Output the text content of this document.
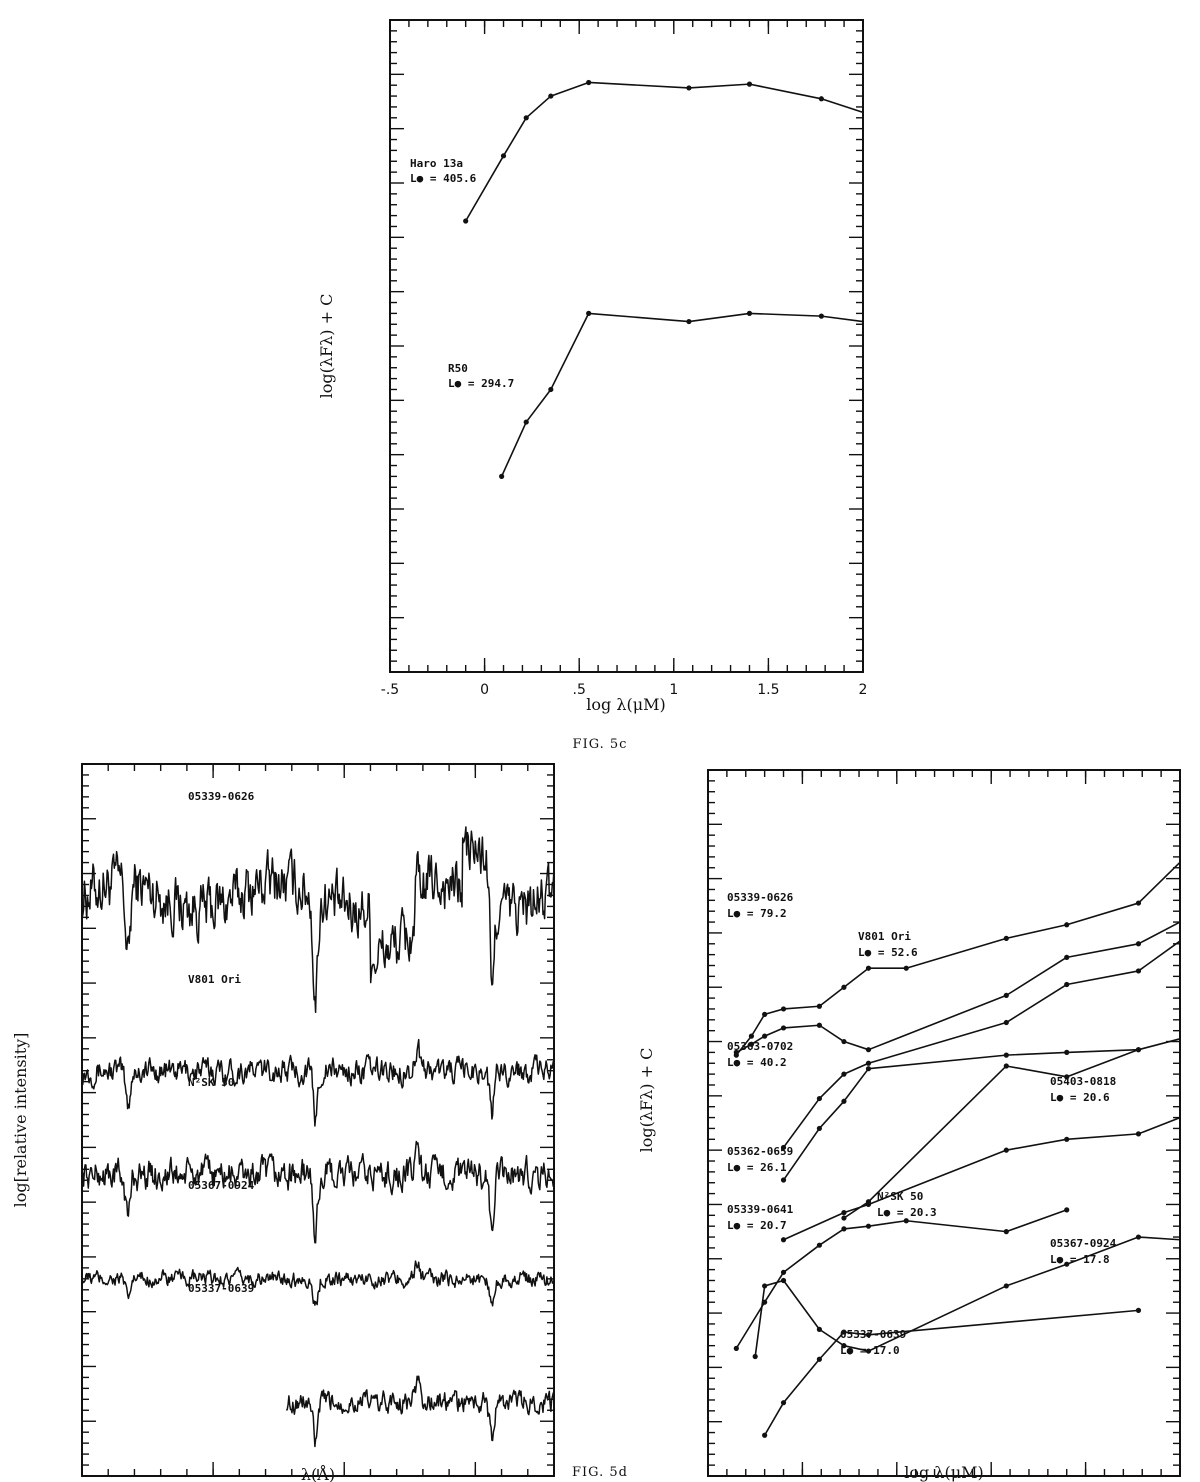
-.5	0	.5	1	1.5	2
log λ(μM)
log(λFλ) + C
Haro 13a
L● = 405.6
R50
L● = 294.7
FIG. 5c
λ(Å)
log[relative intensity]
05339-0626
V801 Ori
N²SK 50
05367-0924
05337-0639
log λ(μM)
log(λFλ) + C
05339-0626
L● = 79.2
V801 Ori
L● = 52.6
05363-0702
L● = 40.2
05362-0659
L● = 26.1
05403-0818
L● = 20.6
05339-0641
L● = 20.7
N²SK 50
L● = 20.3
05367-0924
L● = 17.8
05337-0639
L● = 17.0
FIG. 5d
